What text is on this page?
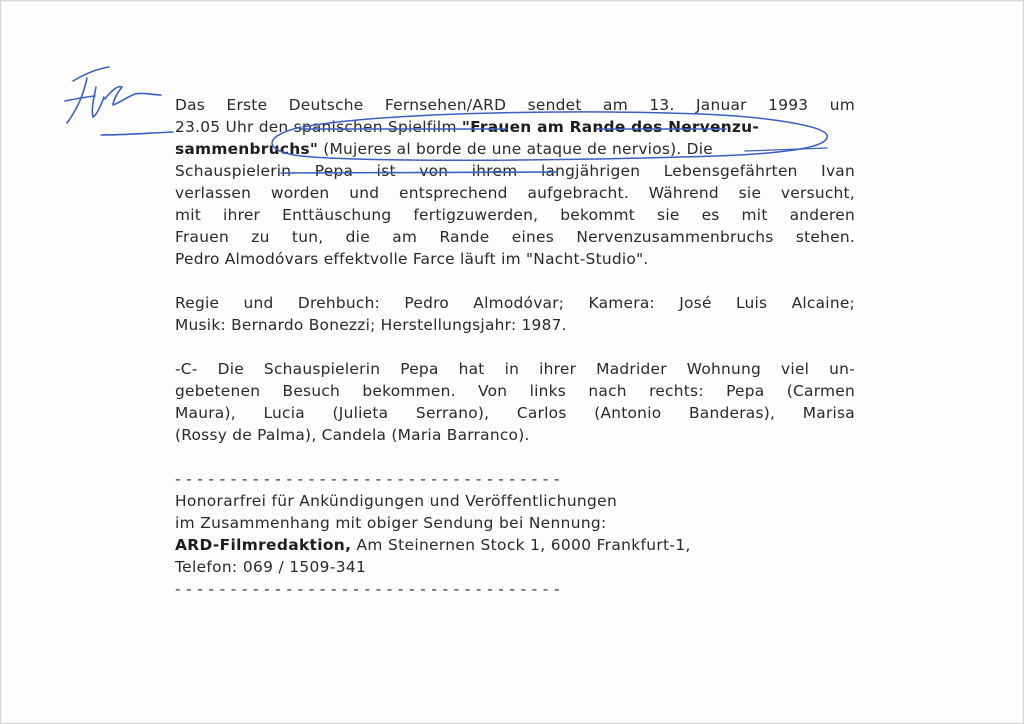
Das Erste Deutsche Fernsehen/ARD sendet am 13. Januar 1993 um
23.05 Uhr den spanischen Spielfilm "Frauen am Rande des Nervenzu-
sammenbruchs" (Mujeres al borde de une ataque de nervios). Die
Schauspielerin Pepa ist von ihrem langjährigen Lebensgefährten Ivan
verlassen worden und entsprechend aufgebracht. Während sie versucht,
mit ihrer Enttäuschung fertigzuwerden, bekommt sie es mit anderen
Frauen zu tun, die am Rande eines Nervenzusammenbruchs stehen.
Pedro Almodóvars effektvolle Farce läuft im "Nacht-Studio".
Regie und Drehbuch: Pedro Almodóvar; Kamera: José Luis Alcaine;
Musik: Bernardo Bonezzi; Herstellungsjahr: 1987.
-C- Die Schauspielerin Pepa hat in ihrer Madrider Wohnung viel un-
gebetenen Besuch bekommen. Von links nach rechts: Pepa (Carmen
Maura), Lucia (Julieta Serrano), Carlos (Antonio Banderas), Marisa
(Rossy de Palma), Candela (Maria Barranco).
- - - - - - - - - - - - - - - - - - - - - - - - - - - - - - - - - - -
Honorarfrei für Ankündigungen und Veröffentlichungen
im Zusammenhang mit obiger Sendung bei Nennung:
ARD-Filmredaktion, Am Steinernen Stock 1, 6000 Frankfurt-1,
Telefon: 069 / 1509-341
- - - - - - - - - - - - - - - - - - - - - - - - - - - - - - - - - - -
